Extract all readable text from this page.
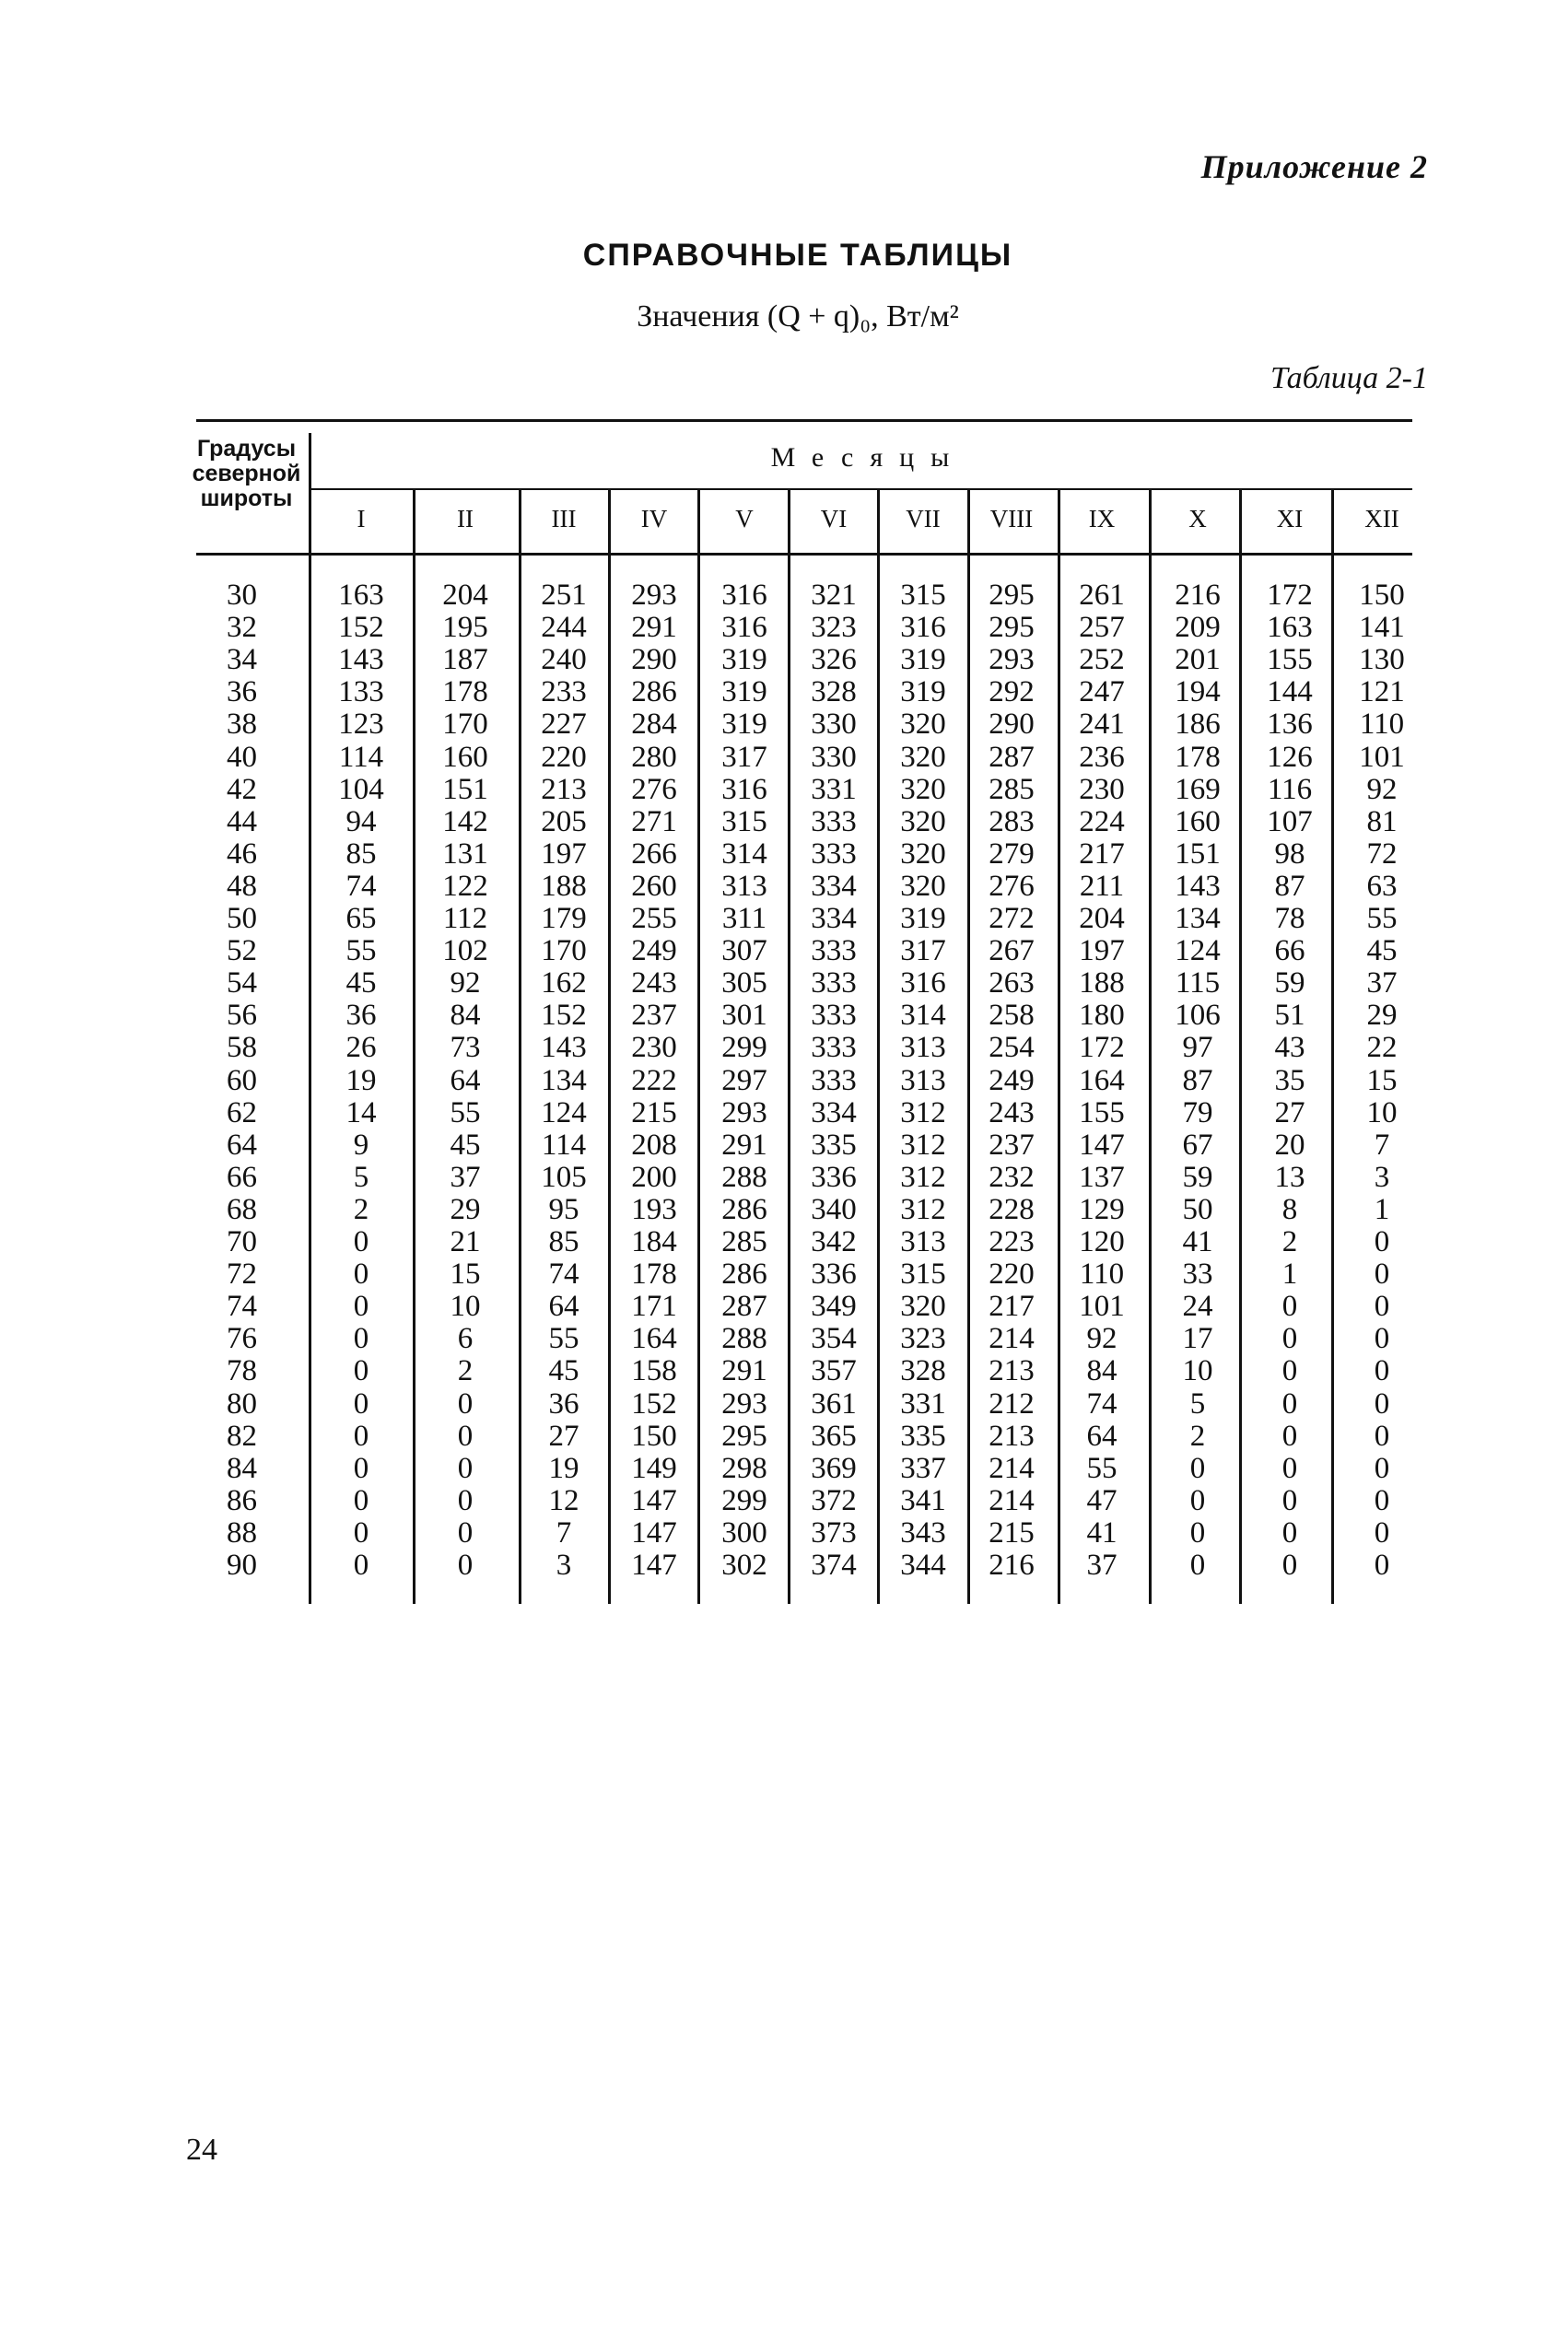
Приложение 2
СПРАВОЧНЫЕ ТАБЛИЦЫ
Значения (Q + q)₀, Вт/м²
Таблица 2-1
Градусы
северной
широты
Месяцы
I	II	III	IV	V	VI	VII	VIII	IX	X	XI	XII
30	163	204	251	293	316	321	315	295	261	216	172	150
32	152	195	244	291	316	323	316	295	257	209	163	141
34	143	187	240	290	319	326	319	293	252	201	155	130
36	133	178	233	286	319	328	319	292	247	194	144	121
38	123	170	227	284	319	330	320	290	241	186	136	110
40	114	160	220	280	317	330	320	287	236	178	126	101
42	104	151	213	276	316	331	320	285	230	169	116	92
44	94	142	205	271	315	333	320	283	224	160	107	81
46	85	131	197	266	314	333	320	279	217	151	98	72
48	74	122	188	260	313	334	320	276	211	143	87	63
50	65	112	179	255	311	334	319	272	204	134	78	55
52	55	102	170	249	307	333	317	267	197	124	66	45
54	45	92	162	243	305	333	316	263	188	115	59	37
56	36	84	152	237	301	333	314	258	180	106	51	29
58	26	73	143	230	299	333	313	254	172	97	43	22
60	19	64	134	222	297	333	313	249	164	87	35	15
62	14	55	124	215	293	334	312	243	155	79	27	10
64	9	45	114	208	291	335	312	237	147	67	20	7
66	5	37	105	200	288	336	312	232	137	59	13	3
68	2	29	95	193	286	340	312	228	129	50	8	1
70	0	21	85	184	285	342	313	223	120	41	2	0
72	0	15	74	178	286	336	315	220	110	33	1	0
74	0	10	64	171	287	349	320	217	101	24	0	0
76	0	6	55	164	288	354	323	214	92	17	0	0
78	0	2	45	158	291	357	328	213	84	10	0	0
80	0	0	36	152	293	361	331	212	74	5	0	0
82	0	0	27	150	295	365	335	213	64	2	0	0
84	0	0	19	149	298	369	337	214	55	0	0	0
86	0	0	12	147	299	372	341	214	47	0	0	0
88	0	0	7	147	300	373	343	215	41	0	0	0
90	0	0	3	147	302	374	344	216	37	0	0	0
24
